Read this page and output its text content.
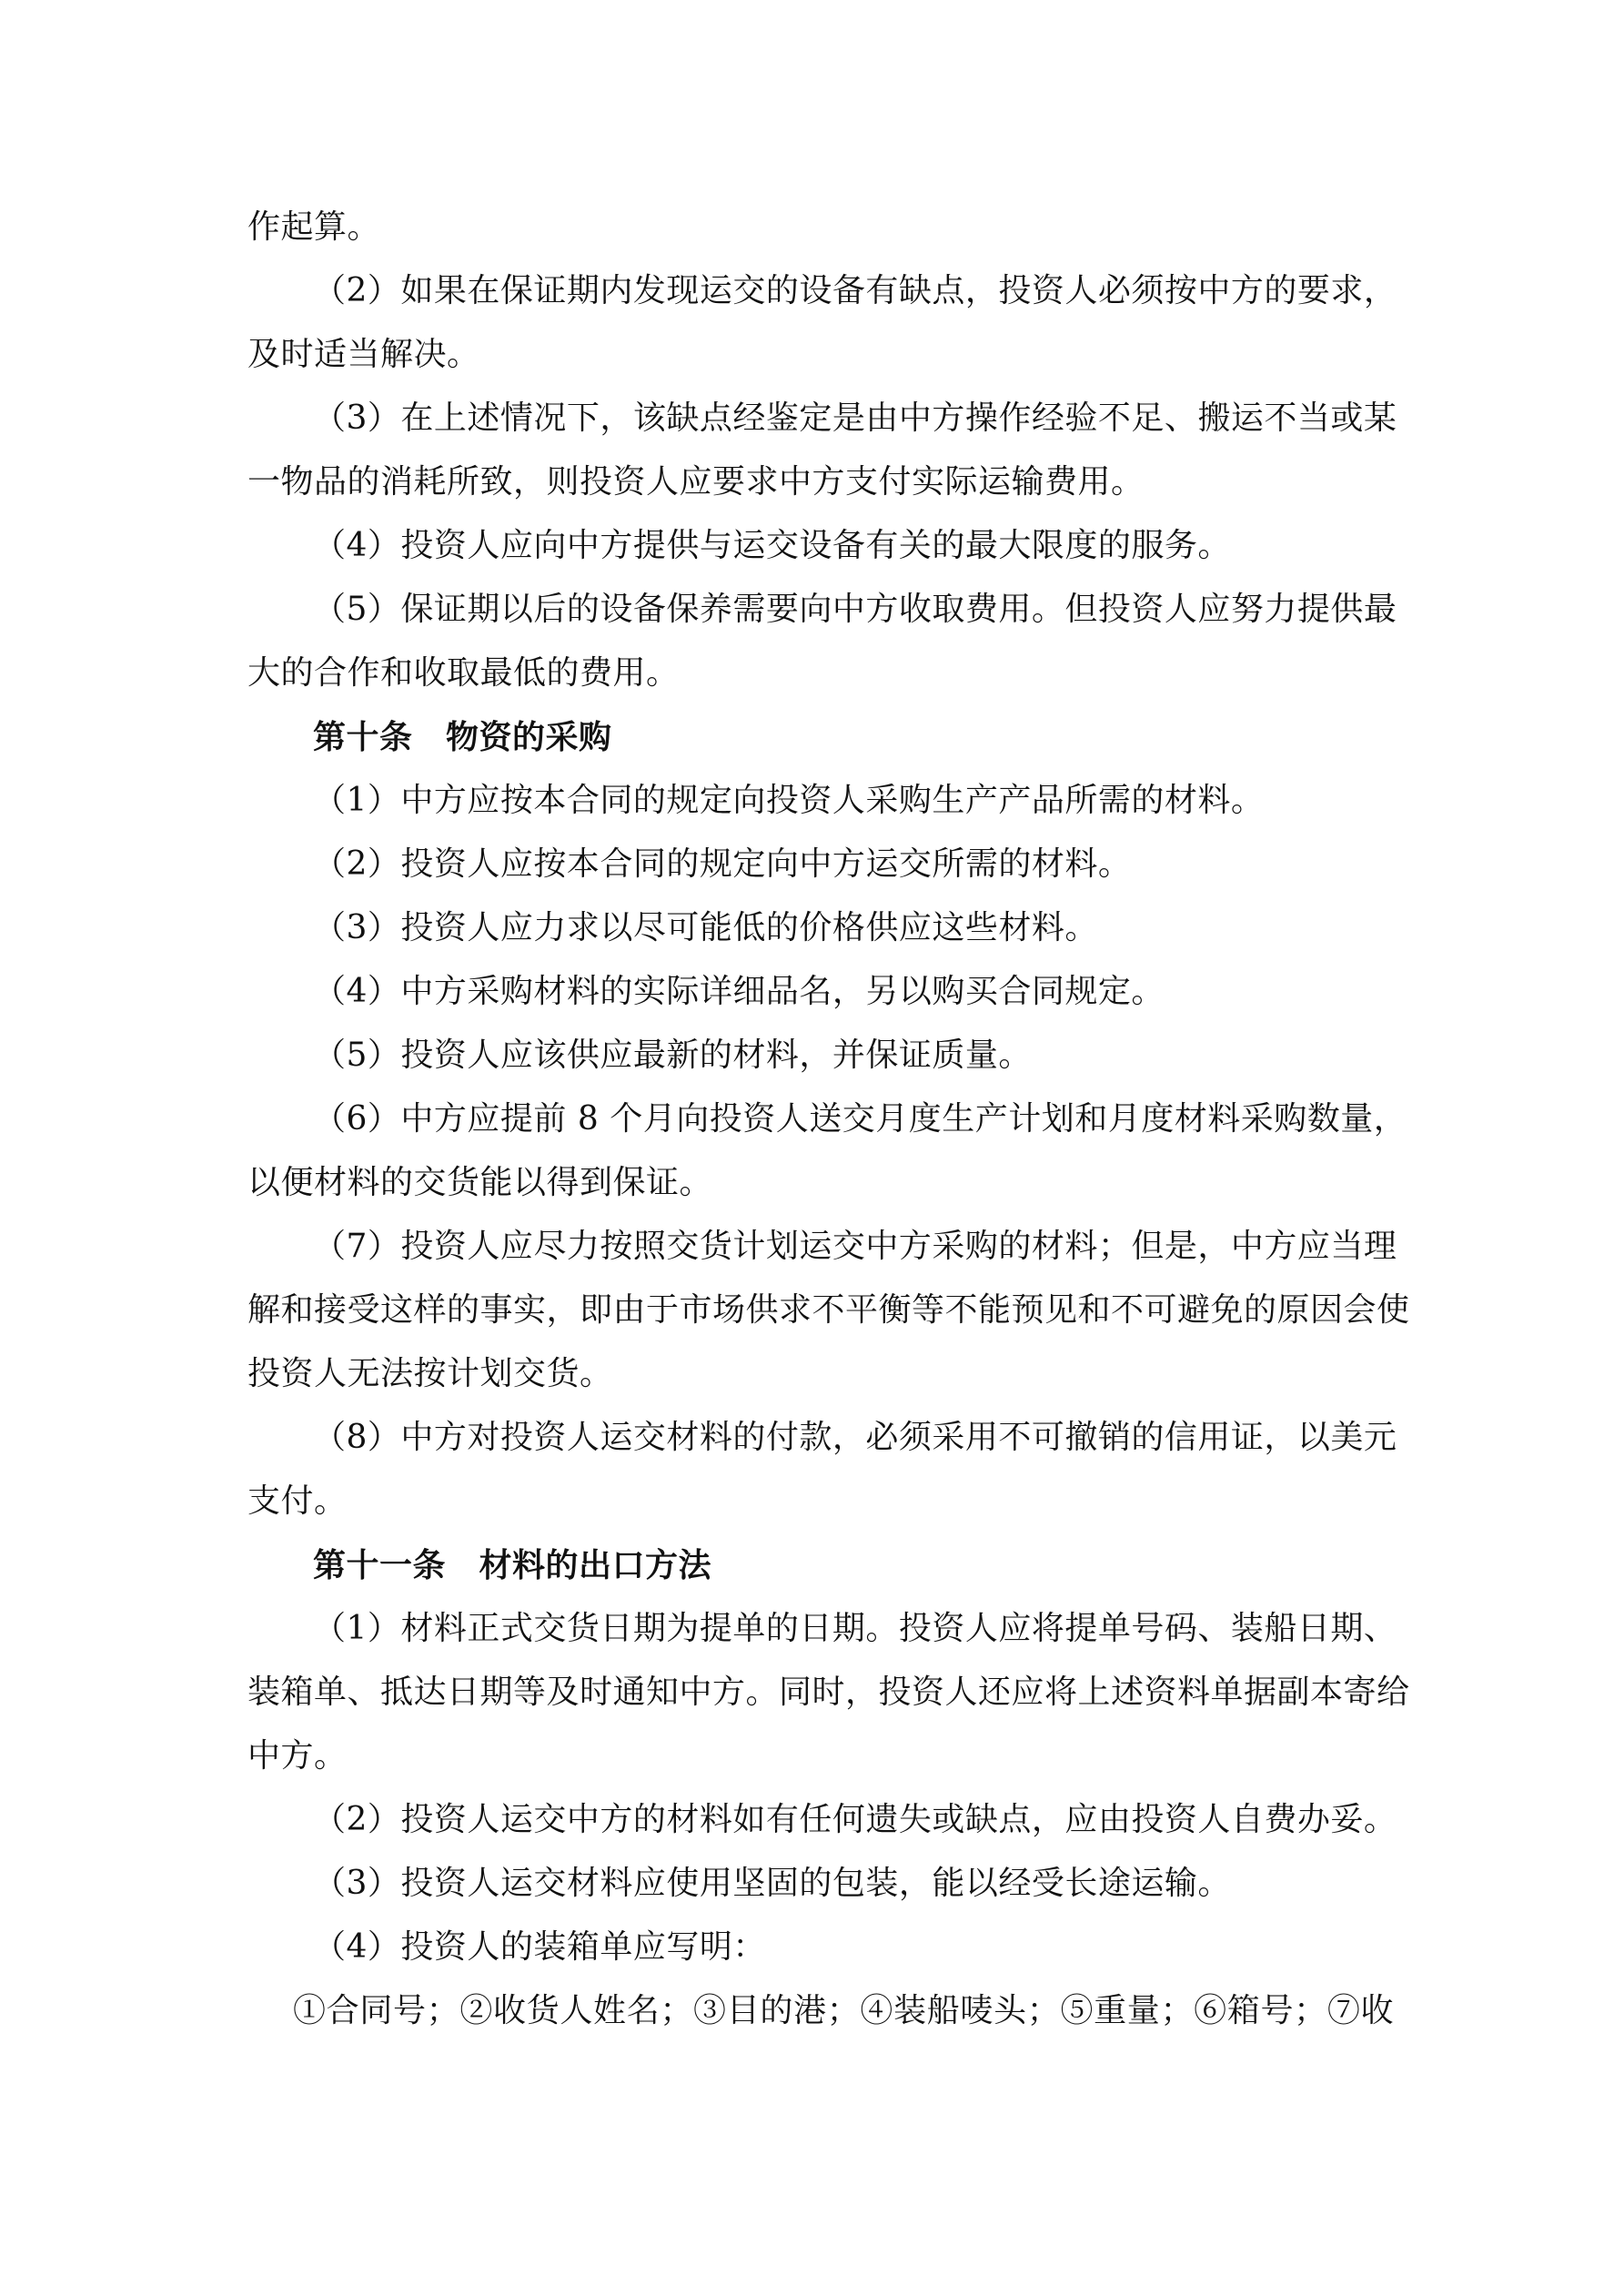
作起算。
（2）如果在保证期内发现运交的设备有缺点，投资人必须按中方的要求，
及时适当解决。
（3）在上述情况下，该缺点经鉴定是由中方操作经验不足、搬运不当或某
一物品的消耗所致，则投资人应要求中方支付实际运输费用。
（4）投资人应向中方提供与运交设备有关的最大限度的服务。
（5）保证期以后的设备保养需要向中方收取费用。但投资人应努力提供最
大的合作和收取最低的费用。
第十条　物资的采购
（1）中方应按本合同的规定向投资人采购生产产品所需的材料。
（2）投资人应按本合同的规定向中方运交所需的材料。
（3）投资人应力求以尽可能低的价格供应这些材料。
（4）中方采购材料的实际详细品名，另以购买合同规定。
（5）投资人应该供应最新的材料，并保证质量。
（6）中方应提前 8 个月向投资人送交月度生产计划和月度材料采购数量，
以便材料的交货能以得到保证。
（7）投资人应尽力按照交货计划运交中方采购的材料；但是，中方应当理
解和接受这样的事实，即由于市场供求不平衡等不能预见和不可避免的原因会使
投资人无法按计划交货。
（8）中方对投资人运交材料的付款，必须采用不可撤销的信用证，以美元
支付。
第十一条　材料的出口方法
（1）材料正式交货日期为提单的日期。投资人应将提单号码、装船日期、
装箱单、抵达日期等及时通知中方。同时，投资人还应将上述资料单据副本寄给
中方。
（2）投资人运交中方的材料如有任何遗失或缺点，应由投资人自费办妥。
（3）投资人运交材料应使用坚固的包装，能以经受长途运输。
（4）投资人的装箱单应写明：
①合同号；②收货人姓名；③目的港；④装船唛头；⑤重量；⑥箱号；⑦收
